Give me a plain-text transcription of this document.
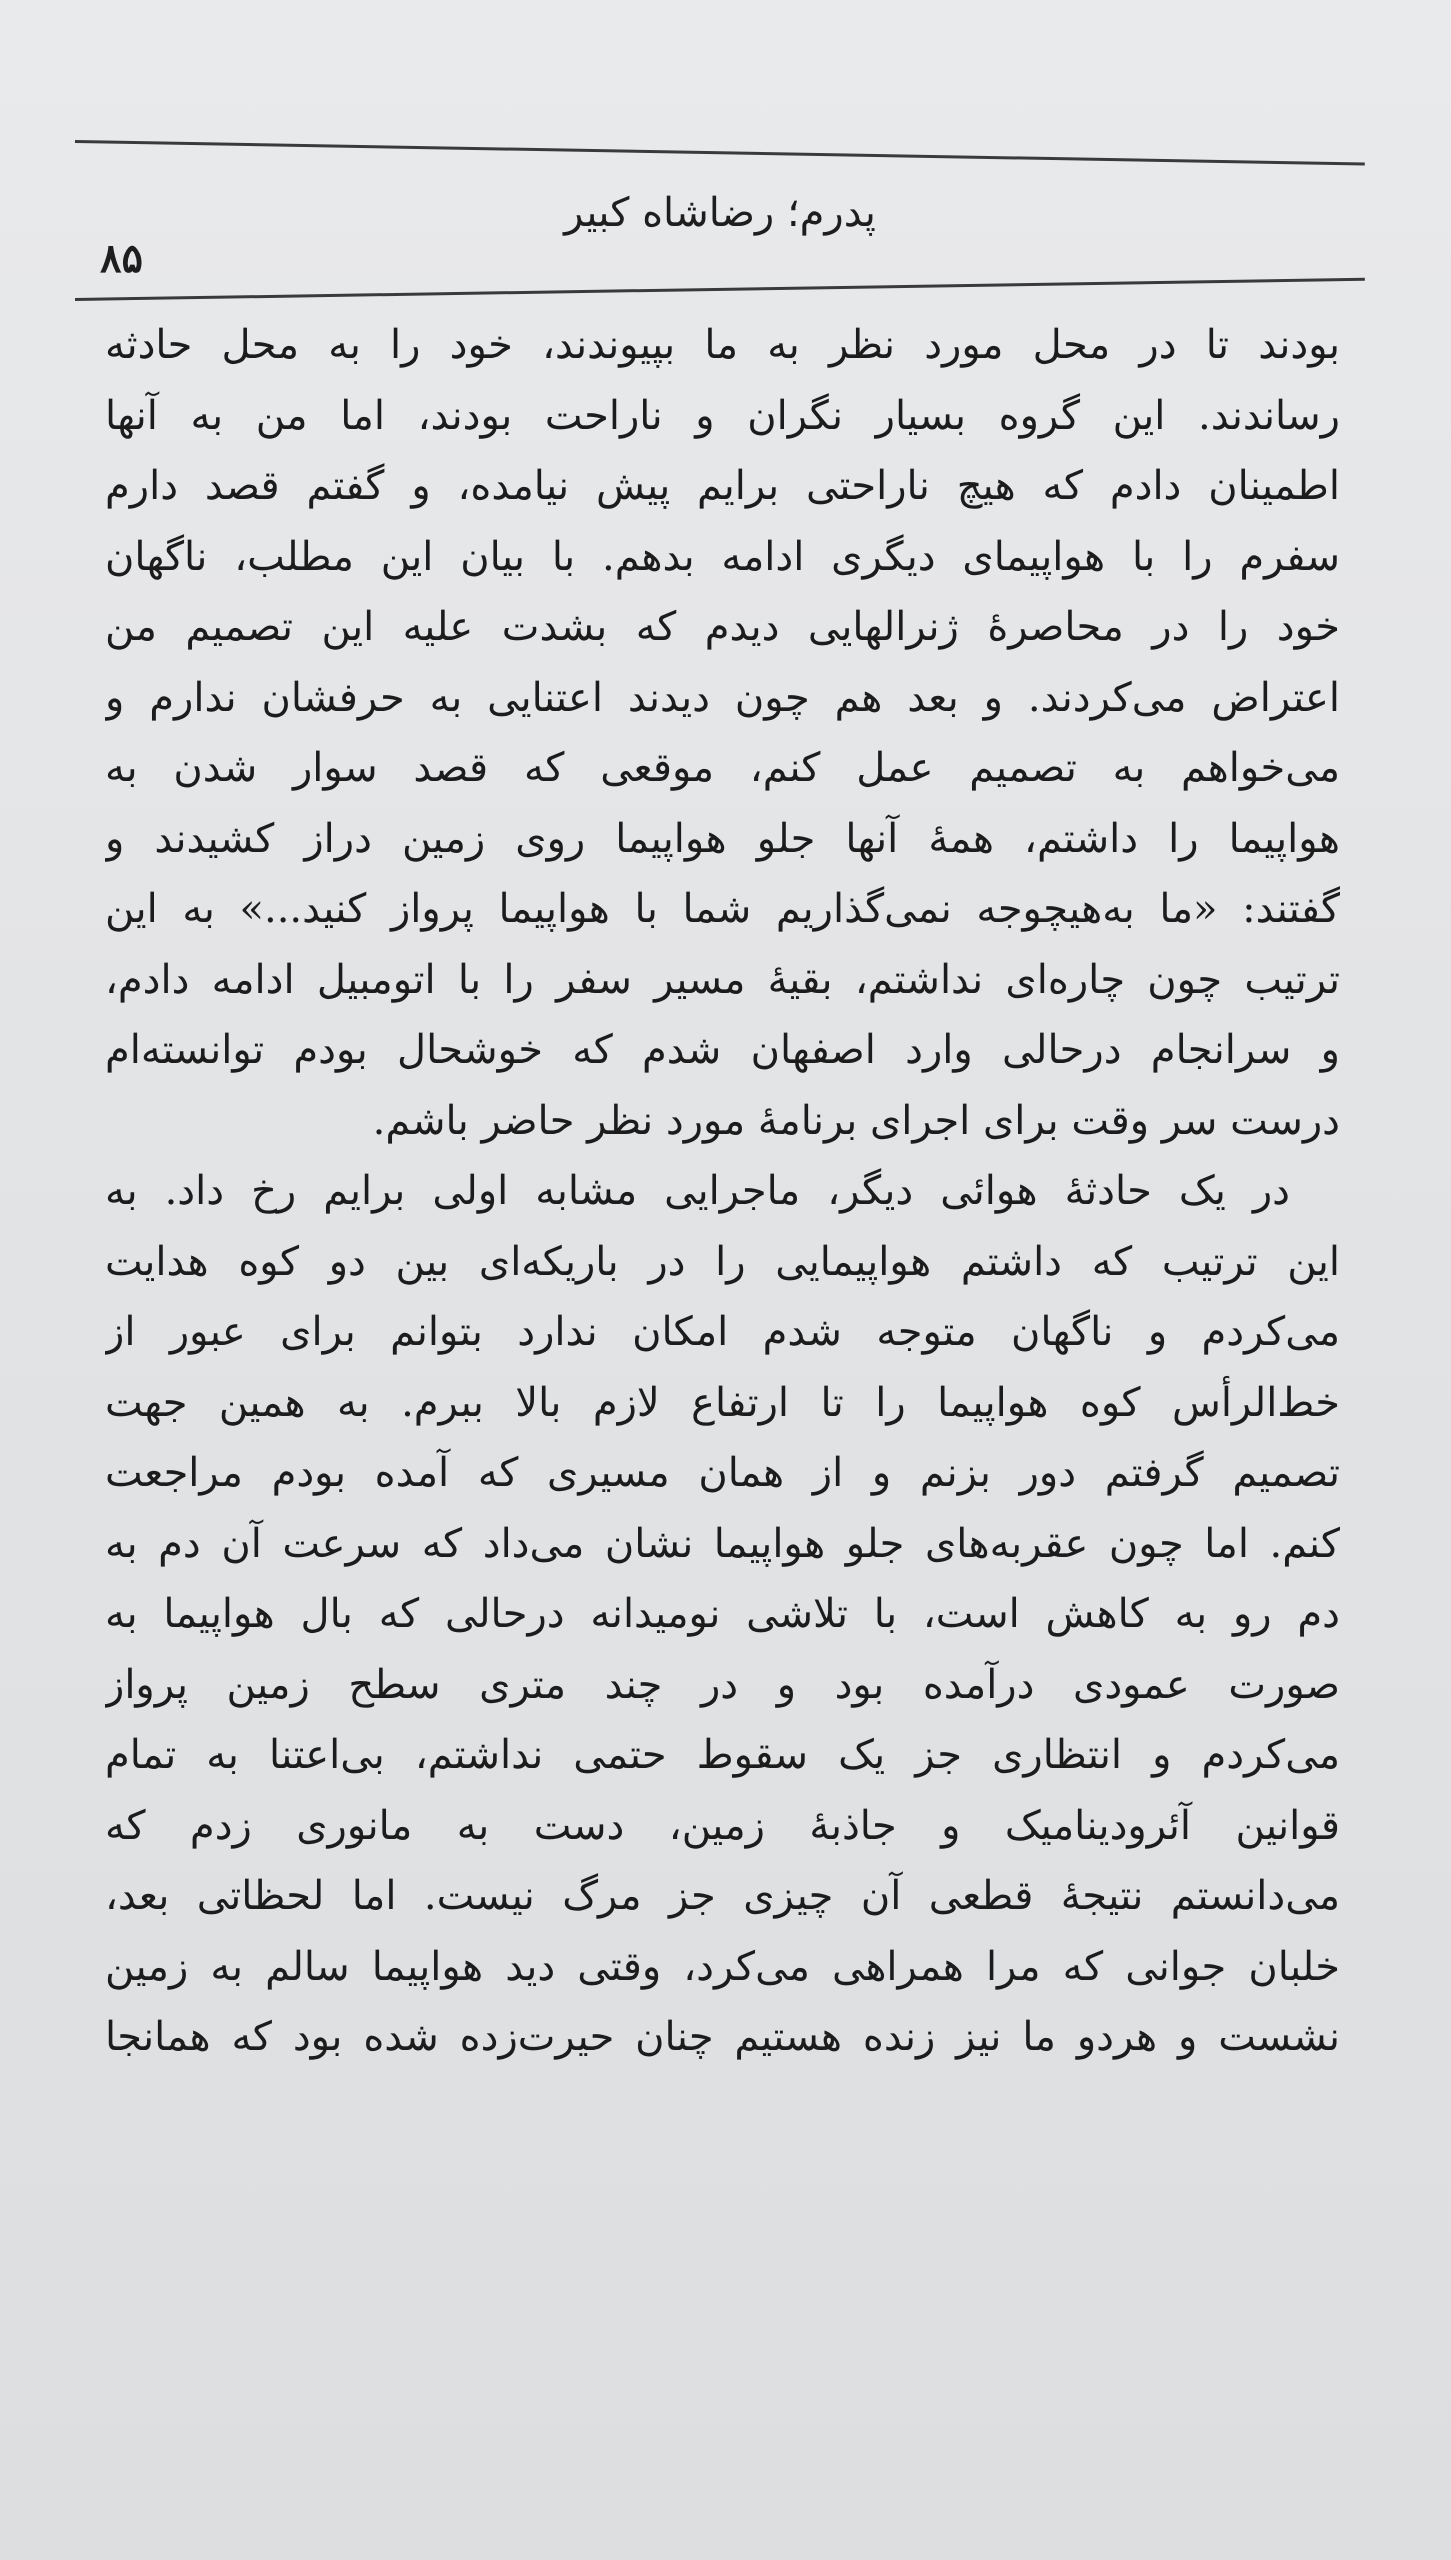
پدرم؛ رضاشاه کبیر
۸۵
بودند تا در محل مورد نظر به ما بپیوندند، خود را به محل حادثه
رساندند. این گروه بسیار نگران و ناراحت بودند، اما من به آنها
اطمینان دادم که هیچ ناراحتی برایم پیش نیامده، و گفتم قصد دارم
سفرم را با هواپیمای دیگری ادامه بدهم. با بیان این مطلب، ناگهان
خود را در محاصرهٔ ژنرالهایی دیدم که بشدت علیه این تصمیم من
اعتراض می‌کردند. و بعد هم چون دیدند اعتنایی به حرفشان ندارم و
می‌خواهم به تصمیم عمل کنم، موقعی که قصد سوار شدن به
هواپیما را داشتم، همهٔ آنها جلو هواپیما روی زمین دراز کشیدند و
گفتند: «ما به‌هیچوجه نمی‌گذاریم شما با هواپیما پرواز کنید...» به این
ترتیب چون چاره‌ای نداشتم، بقیهٔ مسیر سفر را با اتومبیل ادامه دادم،
و سرانجام درحالی وارد اصفهان شدم که خوشحال بودم توانسته‌ام
درست سر وقت برای اجرای برنامهٔ مورد نظر حاضر باشم.
در یک حادثهٔ هوائی دیگر، ماجرایی مشابه اولی برایم رخ داد. به
این ترتیب که داشتم هواپیمایی را در باریکه‌ای بین دو کوه هدایت
می‌کردم و ناگهان متوجه شدم امکان ندارد بتوانم برای عبور از
خط‌الرأس کوه هواپیما را تا ارتفاع لازم بالا ببرم. به همین جهت
تصمیم گرفتم دور بزنم و از همان مسیری که آمده بودم مراجعت
کنم. اما چون عقربه‌های جلو هواپیما نشان می‌داد که سرعت آن دم به
دم رو به کاهش است، با تلاشی نومیدانه درحالی که بال هواپیما به
صورت عمودی درآمده بود و در چند متری سطح زمین پرواز
می‌کردم و انتظاری جز یک سقوط حتمی نداشتم، بی‌اعتنا به تمام
قوانین آئرودینامیک و جاذبهٔ زمین، دست به مانوری زدم که
می‌دانستم نتیجهٔ قطعی آن چیزی جز مرگ نیست. اما لحظاتی بعد،
خلبان جوانی که مرا همراهی می‌کرد، وقتی دید هواپیما سالم به زمین
نشست و هردو ما نیز زنده هستیم چنان حیرت‌زده شده بود که همانجا
